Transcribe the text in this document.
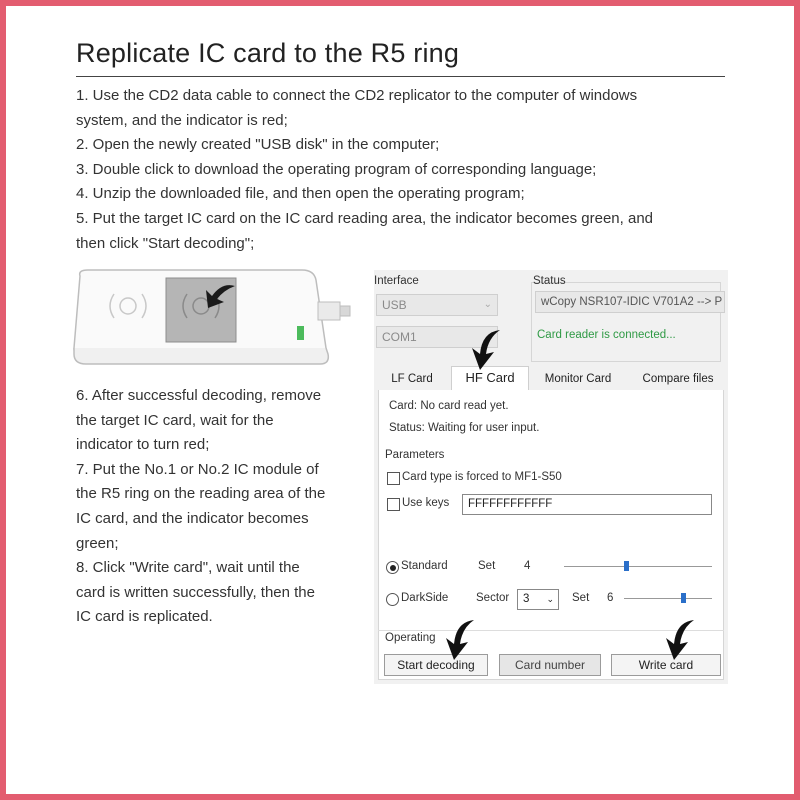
Replicate IC card to the R5 ring
1. Use the CD2 data cable to connect the CD2 replicator to the computer of windows
system, and the indicator is red;
2. Open the newly created "USB disk" in the computer;
3. Double click to download the operating program of corresponding language;
4. Unzip the downloaded file, and then open the operating program;
5. Put the target IC card on the IC card reading area, the indicator becomes green, and
then click "Start decoding";
6. After successful decoding, remove
the target IC card, wait for the
indicator to turn red;
7. Put the No.1 or No.2 IC module of
the R5 ring on the reading area of the
IC card, and the indicator becomes
green;
8. Click "Write card", wait until the
card is written successfully, then the
IC card is replicated.
Interface
USB	⌄
COM1
Status
wCopy NSR107-IDIC V701A2 --> P
Card reader is connected...
LF Card	HF Card	Monitor Card	Compare files
Card: No card read yet.
Status: Waiting for user input.
Parameters
Card type is forced to MF1-S50
Use keys	FFFFFFFFFFFF
Standard	Set 4
DarkSide Sector	3 ⌄ Set 6
Operating
Start decoding	Card number	Write card
